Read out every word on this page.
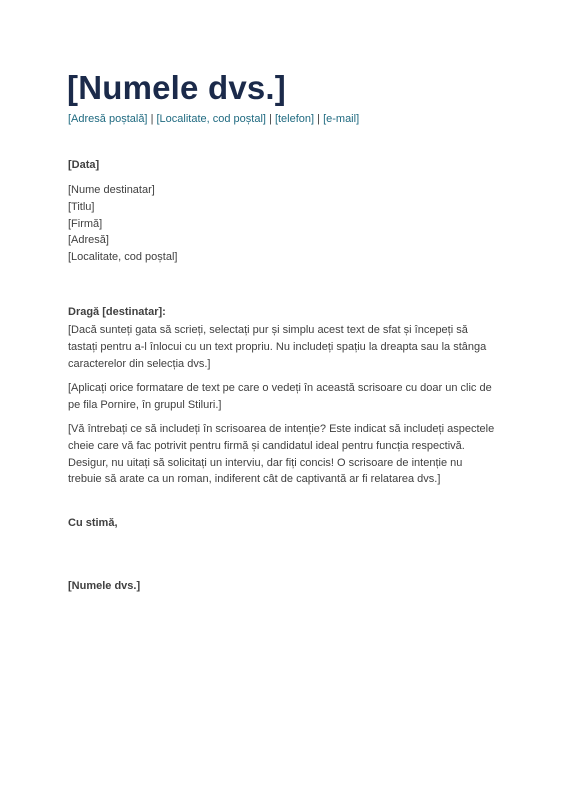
[Numele dvs.]
[Adresă poștală] | [Localitate, cod poștal] | [telefon] | [e-mail]
[Data]
[Nume destinatar]
[Titlu]
[Firmă]
[Adresă]
[Localitate, cod poștal]
Dragă [destinatar]:

[Dacă sunteți gata să scrieți, selectați pur și simplu acest text de sfat și începeți să tastați pentru a-l înlocui cu un text propriu. Nu includeți spațiu la dreapta sau la stânga caracterelor din selecția dvs.]

[Aplicați orice formatare de text pe care o vedeți în această scrisoare cu doar un clic de pe fila Pornire, în grupul Stiluri.]

[Vă întrebați ce să includeți în scrisoarea de intenție? Este indicat să includeți aspectele cheie care vă fac potrivit pentru firmă și candidatul ideal pentru funcția respectivă. Desigur, nu uitați să solicitați un interviu, dar fiți concis! O scrisoare de intenție nu trebuie să arate ca un roman, indiferent cât de captivantă ar fi relatarea dvs.]

Cu stimă,
[Numele dvs.]
